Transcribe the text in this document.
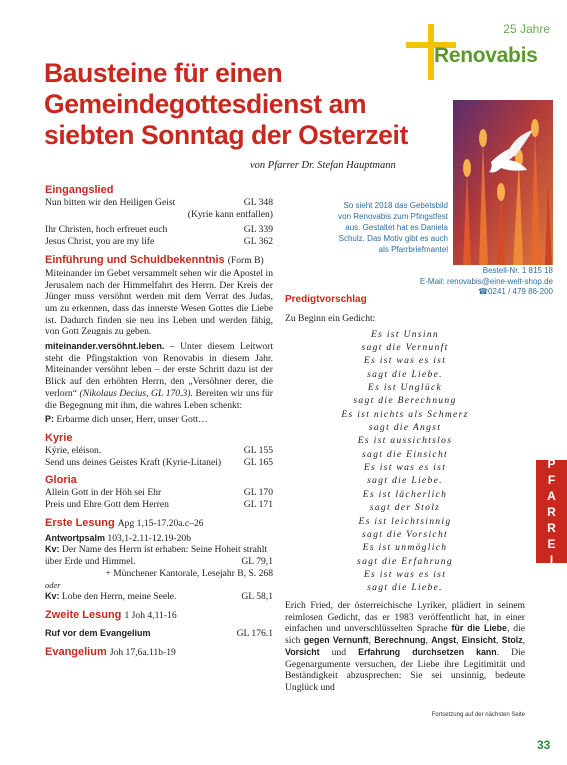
25 Jahre
Renovabis
Bausteine für einen
Gemeindegottesdienst am
siebten Sonntag der Osterzeit
von Pfarrer Dr. Stefan Hauptmann
So sieht 2018 das Gebetsbild
von Renovabis zum Pfingstfest
aus. Gestaltet hat es Daniela
Schulz. Das Motiv gibt es auch
als Pfarrbriefmantel
Bestell-Nr. 1 815 18
E-Mail: renovabis@eine-welt-shop.de
☎0241 / 479 86-200
Eingangslied
Nun bitten wir den Heiligen Geist	GL 348
(Kyrie kann entfallen)
Ihr Christen, hoch erfreuet euch	GL 339
Jesus Christ, you are my life	GL 362
Einführung und Schuldbekenntnis (Form B)
Miteinander im Gebet versammelt sehen wir die Apostel in Jerusalem nach der Himmelfahrt des Herrn. Der Kreis der Jünger muss versöhnt werden mit dem Verrat des Judas, um zu erkennen, dass das innerste Wesen Gottes die Liebe ist. Dadurch finden sie neu ins Leben und werden fähig, von Gott Zeugnis zu geben.
miteinander.versöhnt.leben. – Unter diesem Leitwort steht die Pfingstaktion von Renovabis in diesem Jahr. Miteinander versöhnt leben – der erste Schritt dazu ist der Blick auf den erhöhten Herrn, den „Versöhner derer, die verlorn“ (Nikolaus Decius, GL 170.3). Bereiten wir uns für die Begegnung mit ihm, die wahres Leben schenkt:
P: Erbarme dich unser, Herr, unser Gott…
Kyrie
Kýrie, eléison.	GL 155
Send uns deines Geistes Kraft (Kyrie-Litanei) GL 165
Gloria
Allein Gott in der Höh sei Ehr	GL 170
Preis und Ehre Gott dem Herren	GL 171
Erste Lesung Apg 1,15-17.20a.c–26
Antwortpsalm 103,1-2.11-12.19-20b
Kv: Der Name des Herrn ist erhaben: Seine Hoheit strahlt über Erde und Himmel.	GL 79,1
+ Münchener Kantorale, Lesejahr B, S. 268
oder
Kv: Lobe den Herrn, meine Seele.	GL 58,1
Zweite Lesung 1 Joh 4,11-16
Ruf vor dem Evangelium	GL 176.1
Evangelium Joh 17,6a.11b-19
Predigtvorschlag
Zu Beginn ein Gedicht:
Es ist Unsinn
sagt die Vernunft
Es ist was es ist
sagt die Liebe.
Es ist Unglück
sagt die Berechnung
Es ist nichts als Schmerz
sagt die Angst
Es ist aussichtslos
sagt die Einsicht
Es ist was es ist
sagt die Liebe.
Es ist lächerlich
sagt der Stolz
Es ist leichtsinnig
sagt die Vorsicht
Es ist unmöglich
sagt die Erfahrung
Es ist was es ist
sagt die Liebe.
Erich Fried, der österreichische Lyriker, plädiert in seinem reimlosen Gedicht, das er 1983 veröffentlicht hat, in einer einfachen und unverschlüsselten Sprache für die Liebe, die sich gegen Vernunft, Berechnung, Angst, Einsicht, Stolz, Vorsicht und Erfahrung durchsetzen kann. Die Gegenargumente versuchen, der Liebe ihre Legitimität und Beständigkeit abzusprechen: Sie sei unsinnig, bedeute Unglück und
Fortsetzung auf der nächsten Seite
P
F
A
R
R
E
I
33
